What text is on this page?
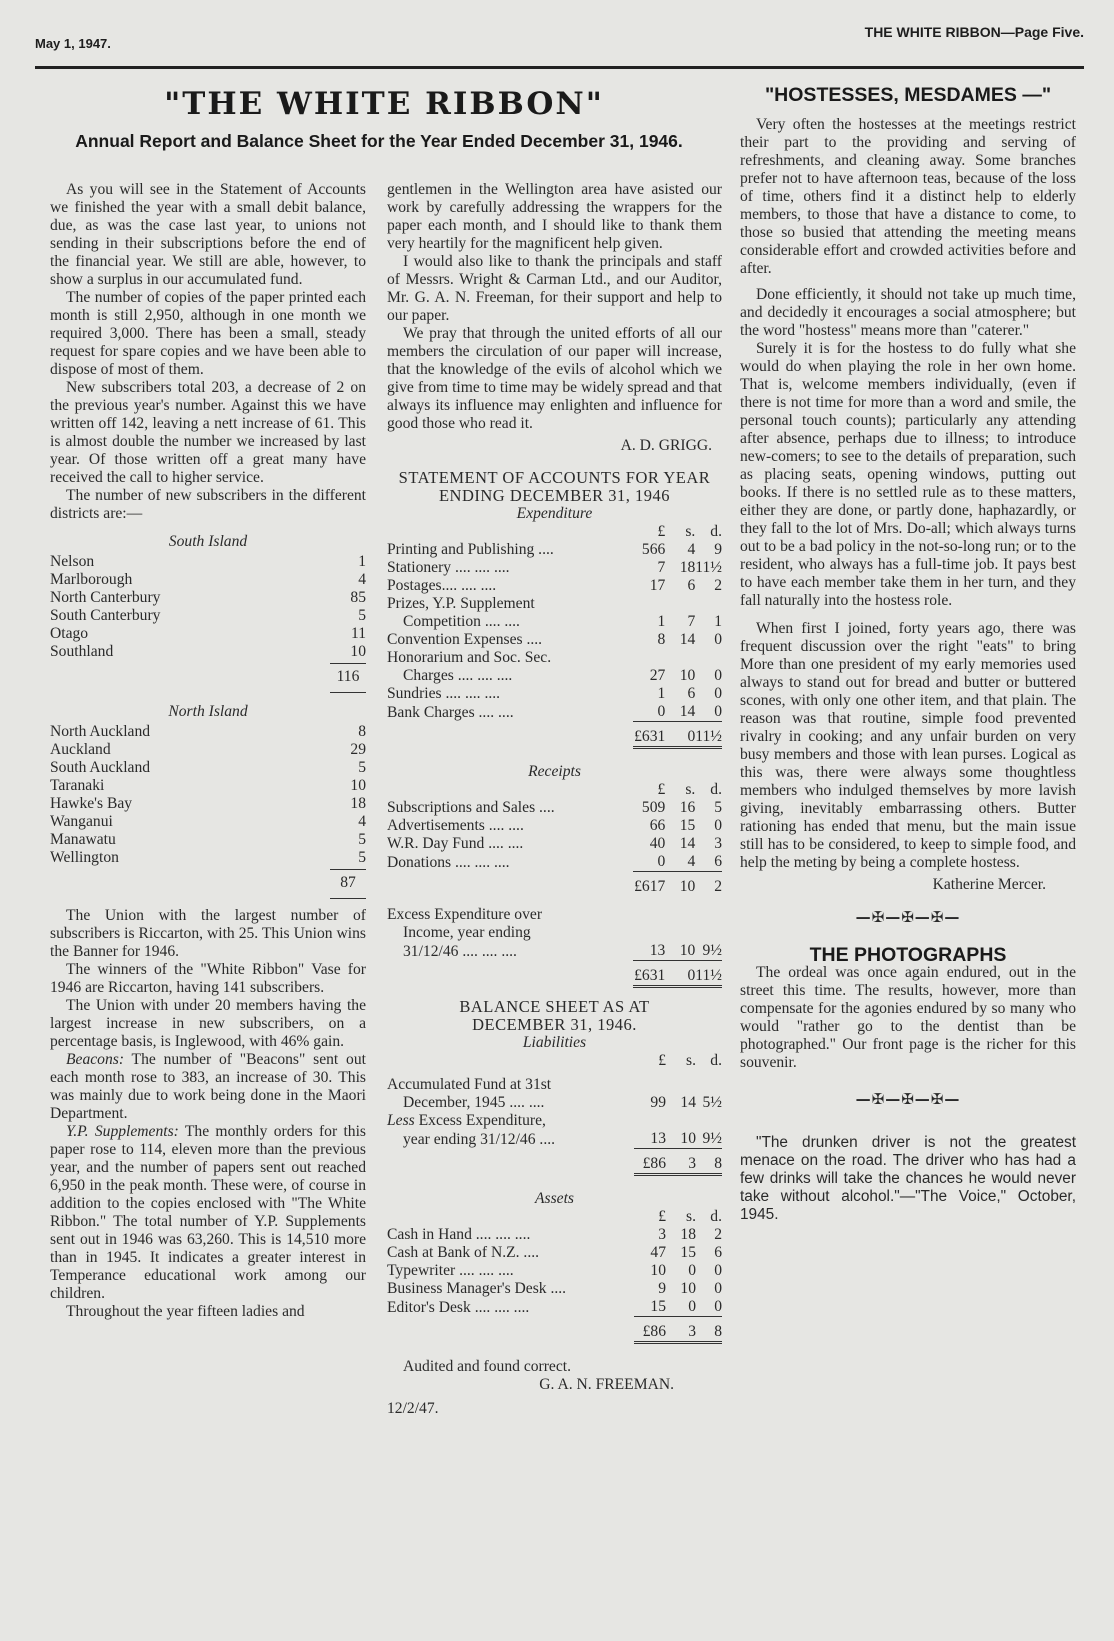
May 1, 1947.
THE WHITE RIBBON—Page Five.
"THE WHITE RIBBON"
Annual Report and Balance Sheet for the Year Ended December 31, 1946.

As you will see in the Statement of Accounts we finished the year with a small debit balance, due, as was the case last year, to unions not sending in their subscriptions before the end of the financial year. We still are able, however, to show a surplus in our accumulated fund.

The number of copies of the paper printed each month is still 2,950, although in one month we required 3,000. There has been a small, steady request for spare copies and we have been able to dispose of most of them.

New subscribers total 203, a decrease of 2 on the previous year's number. Against this we have written off 142, leaving a nett increase of 61. This is almost double the number we increased by last year. Of those written off a great many have received the call to higher service.

The number of new subscribers in the different districts are:—

South Island
Nelson	1
Marlborough	4
North Canterbury	85
South Canterbury	5
Otago	11
Southland	10
116
North Island
North Auckland	8
Auckland	29
South Auckland	5
Taranaki	10
Hawke's Bay	18
Wanganui	4
Manawatu	5
Wellington	5
87

The Union with the largest number of subscribers is Riccarton, with 25. This Union wins the Banner for 1946.

The winners of the "White Ribbon" Vase for 1946 are Riccarton, having 141 subscribers.

The Union with under 20 members having the largest increase in new subscribers, on a percentage basis, is Inglewood, with 46% gain.

Beacons: The number of "Beacons" sent out each month rose to 383, an increase of 30. This was mainly due to work being done in the Maori Department.

Y.P. Supplements: The monthly orders for this paper rose to 114, eleven more than the previous year, and the number of papers sent out reached 6,950 in the peak month. These were, of course in addition to the copies enclosed with "The White Ribbon." The total number of Y.P. Supplements sent out in 1946 was 63,260. This is 14,510 more than in 1945. It indicates a greater interest in Temperance educational work among our children.

Throughout the year fifteen ladies and

gentlemen in the Wellington area have asisted our work by carefully addressing the wrappers for the paper each month, and I should like to thank them very heartily for the magnificent help given.

I would also like to thank the principals and staff of Messrs. Wright & Carman Ltd., and our Auditor, Mr. G. A. N. Freeman, for their support and help to our paper.

We pray that through the united efforts of all our members the circulation of our paper will increase, that the knowledge of the evils of alcohol which we give from time to time may be widely spread and that always its influence may enlighten and influence for good those who read it.

A. D. GRIGG.
STATEMENT OF ACCOUNTS FOR YEAR ENDING DECEMBER 31, 1946
Expenditure
	£	s.	d.
Printing and Publishing ....	566	4	9
Stationery .... .... ....	7	18	11½
Postages.... .... ....	17	6	2
Prizes, Y.P. Supplement			
Competition .... ....	1	7	1
Convention Expenses ....	8	14	0
Honorarium and Soc. Sec.			
Charges .... .... ....	27	10	0
Sundries .... .... ....	1	6	0
Bank Charges .... ....	0	14	0
	£631	0	11½
Receipts
	£	s.	d.
Subscriptions and Sales ....	509	16	5
Advertisements .... ....	66	15	0
W.R. Day Fund .... ....	40	14	3
Donations .... .... ....	0	4	6
	£617	10	2

Excess Expenditure over			
Income, year ending			
31/12/46 .... .... ....	13	10	9½
	£631	0	11½
BALANCE SHEET AS AT DECEMBER 31, 1946.
Liabilities
	£	s.	d.

Accumulated Fund at 31st			
December, 1945 .... ....	99	14	5½
Less Excess Expenditure,			
year ending 31/12/46 ....	13	10	9½
	£86	3	8
Assets
	£	s.	d.
Cash in Hand .... .... ....	3	18	2
Cash at Bank of N.Z. ....	47	15	6
Typewriter .... .... ....	10	0	0
Business Manager's Desk ....	9	10	0
Editor's Desk .... .... ....	15	0	0
	£86	3	8
Audited and found correct.
G. A. N. FREEMAN.
12/2/47.
"HOSTESSES, MESDAMES —"

Very often the hostesses at the meetings restrict their part to the providing and serving of refreshments, and cleaning away. Some branches prefer not to have afternoon teas, because of the loss of time, others find it a distinct help to elderly members, to those that have a distance to come, to those so busied that attending the meeting means considerable effort and crowded activities before and after.

Done efficiently, it should not take up much time, and decidedly it encourages a social atmosphere; but the word "hostess" means more than "caterer."

Surely it is for the hostess to do fully what she would do when playing the role in her own home. That is, welcome members individually, (even if there is not time for more than a word and smile, the personal touch counts); particularly any attending after absence, perhaps due to illness; to introduce new-comers; to see to the details of preparation, such as placing seats, opening windows, putting out books. If there is no settled rule as to these matters, either they are done, or partly done, haphazardly, or they fall to the lot of Mrs. Do-all; which always turns out to be a bad policy in the not-so-long run; or to the resident, who always has a full-time job. It pays best to have each member take them in her turn, and they fall naturally into the hostess role.

When first I joined, forty years ago, there was frequent discussion over the right "eats" to bring More than one president of my early memories used always to stand out for bread and butter or buttered scones, with only one other item, and that plain. The reason was that routine, simple food prevented rivalry in cooking; and any unfair burden on very busy members and those with lean purses. Logical as this was, there were always some thoughtless members who indulged themselves by more lavish giving, inevitably embarrassing others. Butter rationing has ended that menu, but the main issue still has to be considered, to keep to simple food, and help the meting by being a complete hostess.

Katherine Mercer.
—✠—✠—✠—
THE PHOTOGRAPHS

The ordeal was once again endured, out in the street this time. The results, however, more than compensate for the agonies endured by so many who would "rather go to the dentist than be photographed." Our front page is the richer for this souvenir.

—✠—✠—✠—

"The drunken driver is not the greatest menace on the road. The driver who has had a few drinks will take the chances he would never take without alcohol."—"The Voice," October, 1945.
